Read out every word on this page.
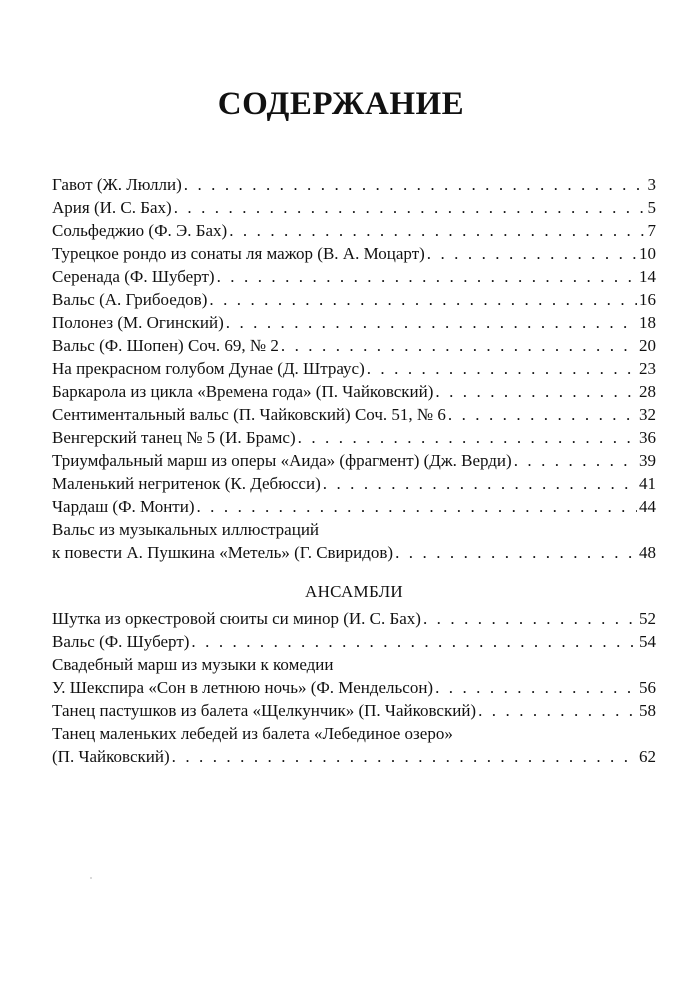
СОДЕРЖАНИЕ
Гавот (Ж. Люлли) . . .	3
Ария (И. С. Бах) . . .	5
Сольфеджио (Ф. Э. Бах) . . .	7
Турецкое рондо из сонаты ля мажор (В. А. Моцарт) . . .	10
Серенада (Ф. Шуберт) . . .	14
Вальс (А. Грибоедов) . . .	16
Полонез (М. Огинский) . . .	18
Вальс (Ф. Шопен) Соч. 69, № 2 . . .	20
На прекрасном голубом Дунае (Д. Штраус) . . .	23
Баркарола из цикла «Времена года» (П. Чайковский) . . .	28
Сентиментальный вальс (П. Чайковский) Соч. 51, № 6 . . .	32
Венгерский танец № 5 (И. Брамс) . . .	36
Триумфальный марш из оперы «Аида» (фрагмент) (Дж. Верди) . . .	39
Маленький негритенок (К. Дебюсси) . . .	41
Чардаш (Ф. Монти) . . .	44
Вальс из музыкальных иллюстраций
к повести А. Пушкина «Метель» (Г. Свиридов) . . .	48
АНСАМБЛИ
Шутка из оркестровой сюиты си минор (И. С. Бах) . . .	52
Вальс (Ф. Шуберт) . . .	54
Свадебный марш из музыки к комедии
У. Шекспира «Сон в летнюю ночь» (Ф. Мендельсон) . . .	56
Танец пастушков из балета «Щелкунчик» (П. Чайковский) . . .	58
Танец маленьких лебедей из балета «Лебединое озеро»
(П. Чайковский) . . .	62
